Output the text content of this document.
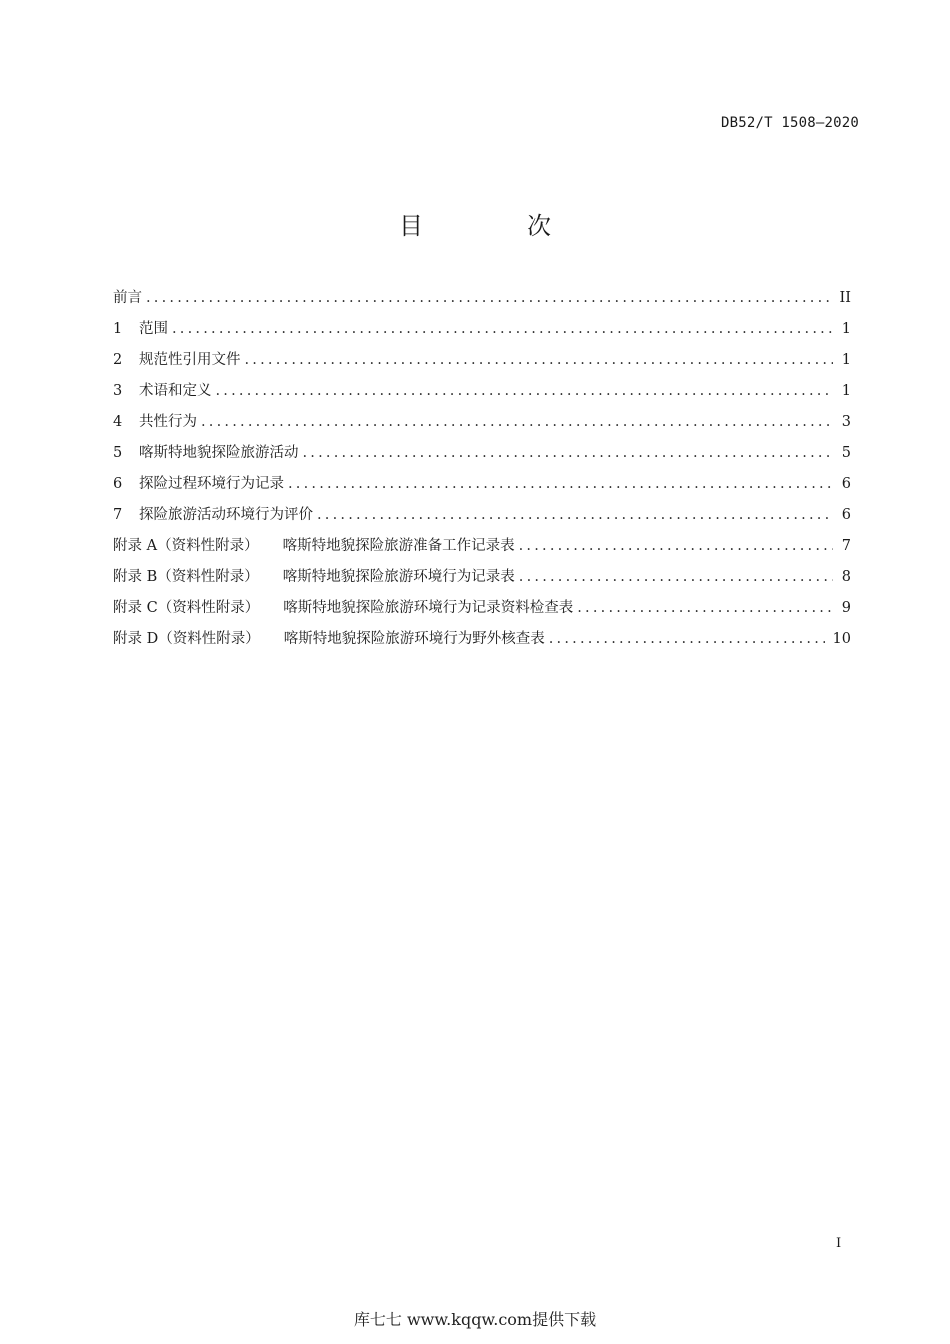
DB52/T 1508—2020
目　次
前言 .....	II
1	范围 .....	1
2	规范性引用文件 .....	1
3	术语和定义 .....	1
4	共性行为 .....	3
5	喀斯特地貌探险旅游活动 .....	5
6	探险过程环境行为记录 .....	6
7	探险旅游活动环境行为评价 .....	6
附录 A（资料性附录） 喀斯特地貌探险旅游准备工作记录表 .....	7
附录 B（资料性附录） 喀斯特地貌探险旅游环境行为记录表 .....	8
附录 C（资料性附录） 喀斯特地貌探险旅游环境行为记录资料检查表 .....	9
附录 D（资料性附录） 喀斯特地貌探险旅游环境行为野外核查表 .....	10
I
库七七 www.kqqw.com提供下载
